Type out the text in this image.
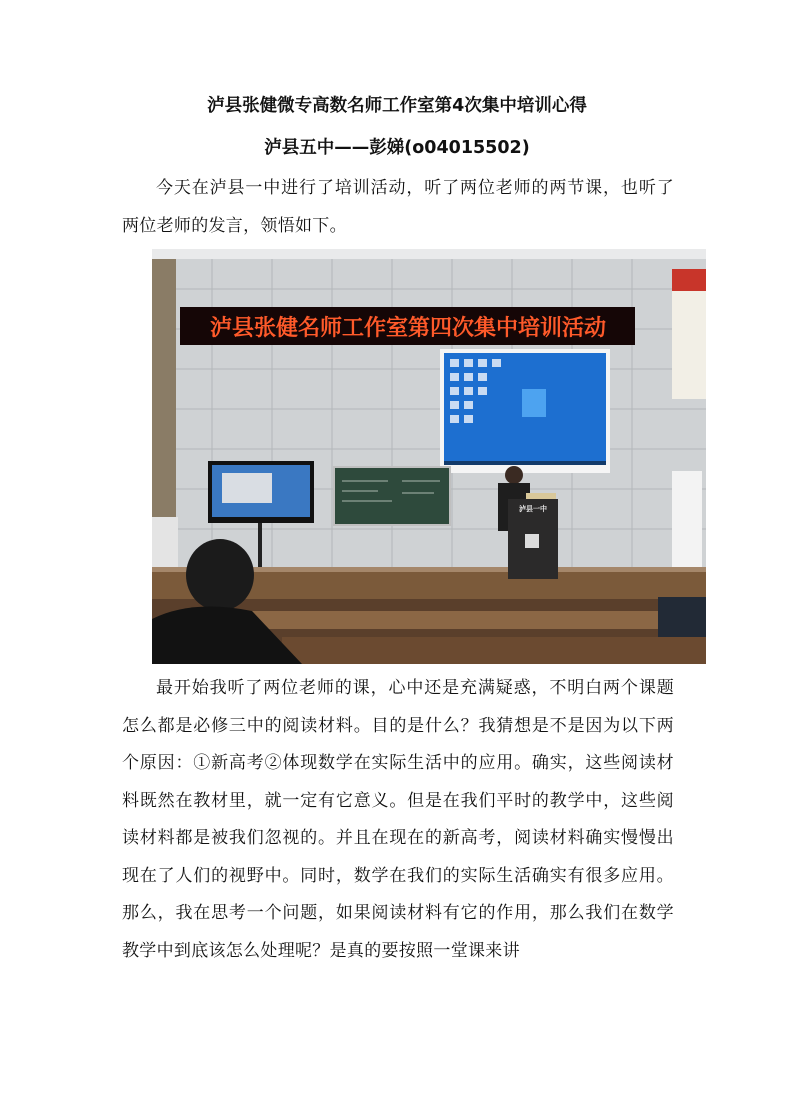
泸县张健微专高数名师工作室第4次集中培训心得
泸县五中——彭娣(o04015502)
今天在泸县一中进行了培训活动，听了两位老师的两节课，也听了两位老师的发言，领悟如下。
泸县张健名师工作室第四次集中培训活动
泸县一中
最开始我听了两位老师的课，心中还是充满疑惑，不明白两个课题怎么都是必修三中的阅读材料。目的是什么？我猜想是不是因为以下两个原因：①新高考②体现数学在实际生活中的应用。确实，这些阅读材料既然在教材里，就一定有它意义。但是在我们平时的教学中，这些阅读材料都是被我们忽视的。并且在现在的新高考，阅读材料确实慢慢出现在了人们的视野中。同时，数学在我们的实际生活确实有很多应用。那么，我在思考一个问题，如果阅读材料有它的作用，那么我们在数学教学中到底该怎么处理呢？是真的要按照一堂课来讲
